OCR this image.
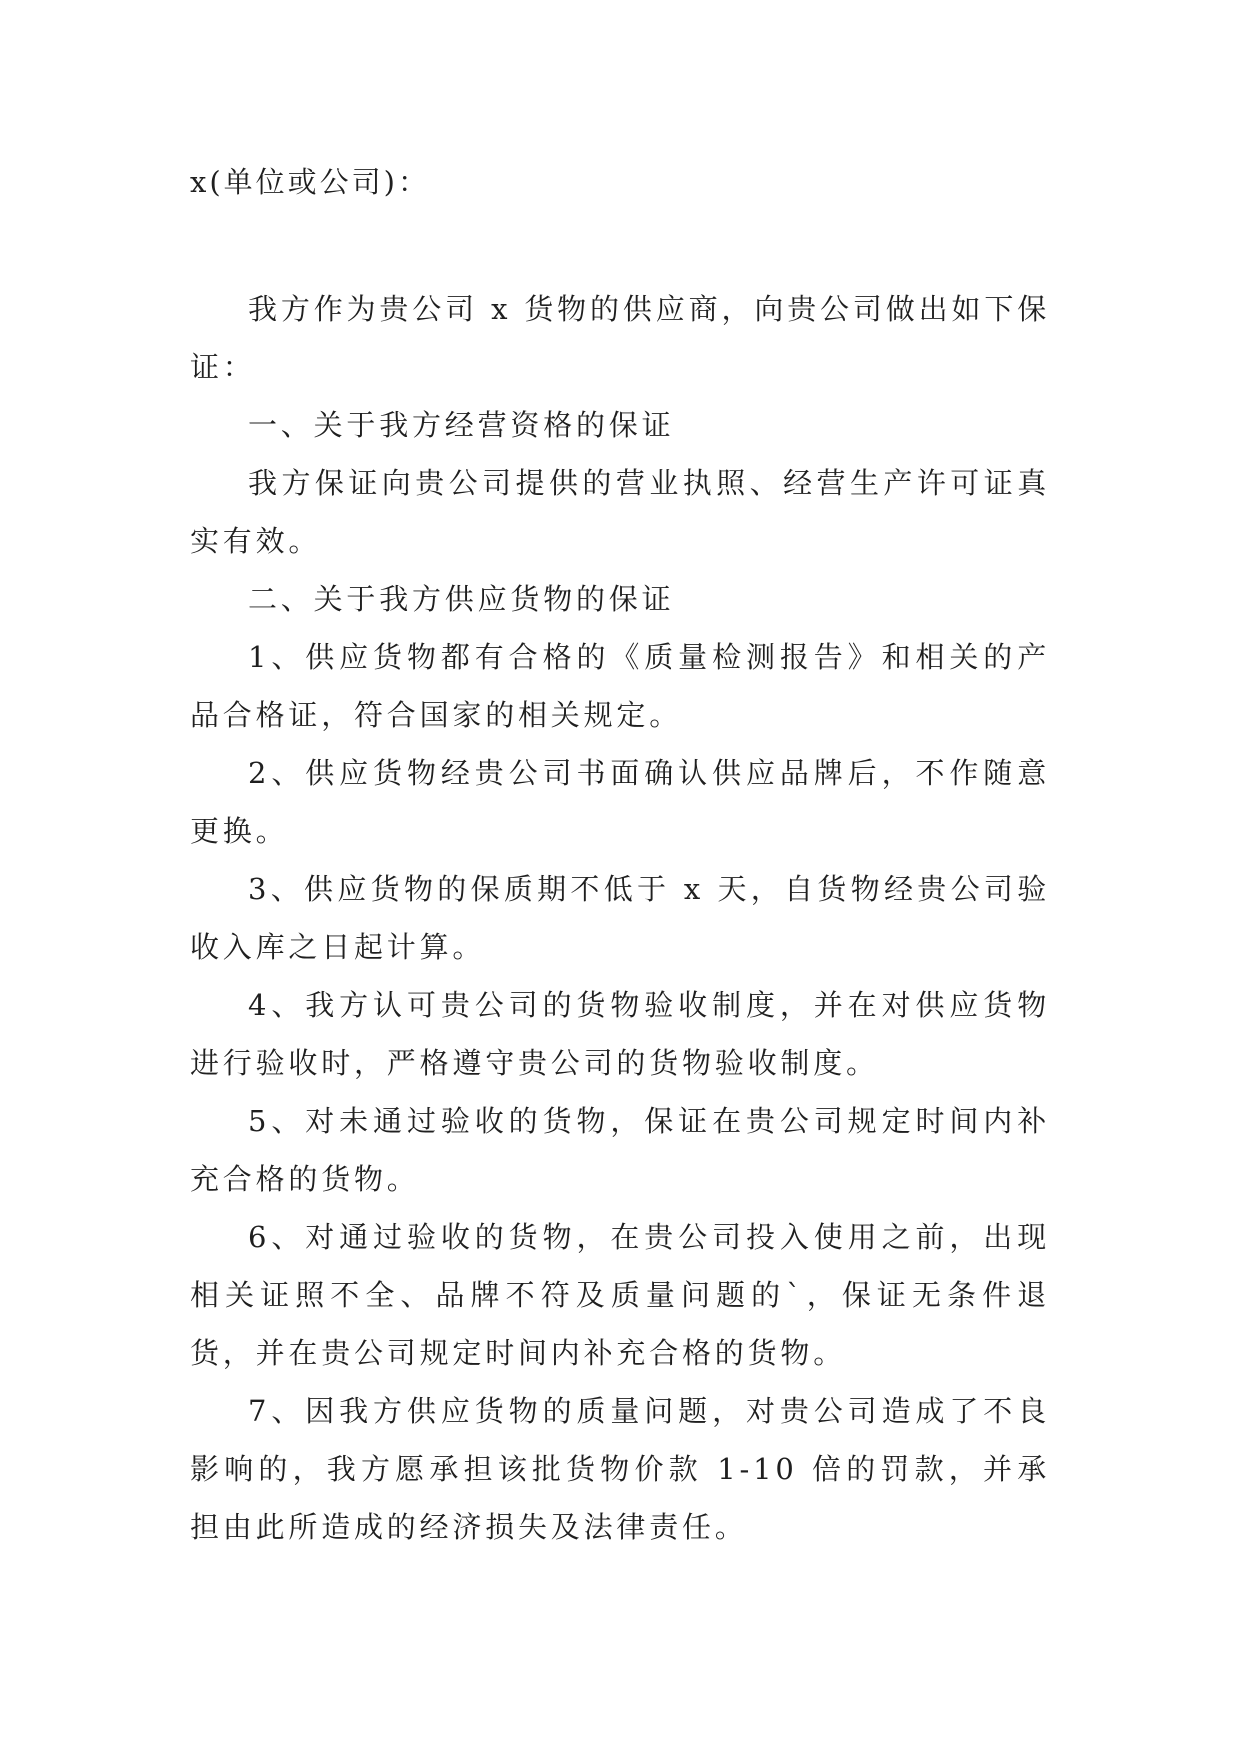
x(单位或公司)：

我方作为贵公司 x 货物的供应商，向贵公司做出如下保证：

一、关于我方经营资格的保证

我方保证向贵公司提供的营业执照、经营生产许可证真实有效。

二、关于我方供应货物的保证

1、供应货物都有合格的《质量检测报告》和相关的产品合格证，符合国家的相关规定。

2、供应货物经贵公司书面确认供应品牌后，不作随意更换。

3、供应货物的保质期不低于 x 天，自货物经贵公司验收入库之日起计算。

4、我方认可贵公司的货物验收制度，并在对供应货物进行验收时，严格遵守贵公司的货物验收制度。

5、对未通过验收的货物，保证在贵公司规定时间内补充合格的货物。

6、对通过验收的货物，在贵公司投入使用之前，出现相关证照不全、品牌不符及质量问题的`，保证无条件退货，并在贵公司规定时间内补充合格的货物。

7、因我方供应货物的质量问题，对贵公司造成了不良影响的，我方愿承担该批货物价款 1-10 倍的罚款，并承担由此所造成的经济损失及法律责任。
